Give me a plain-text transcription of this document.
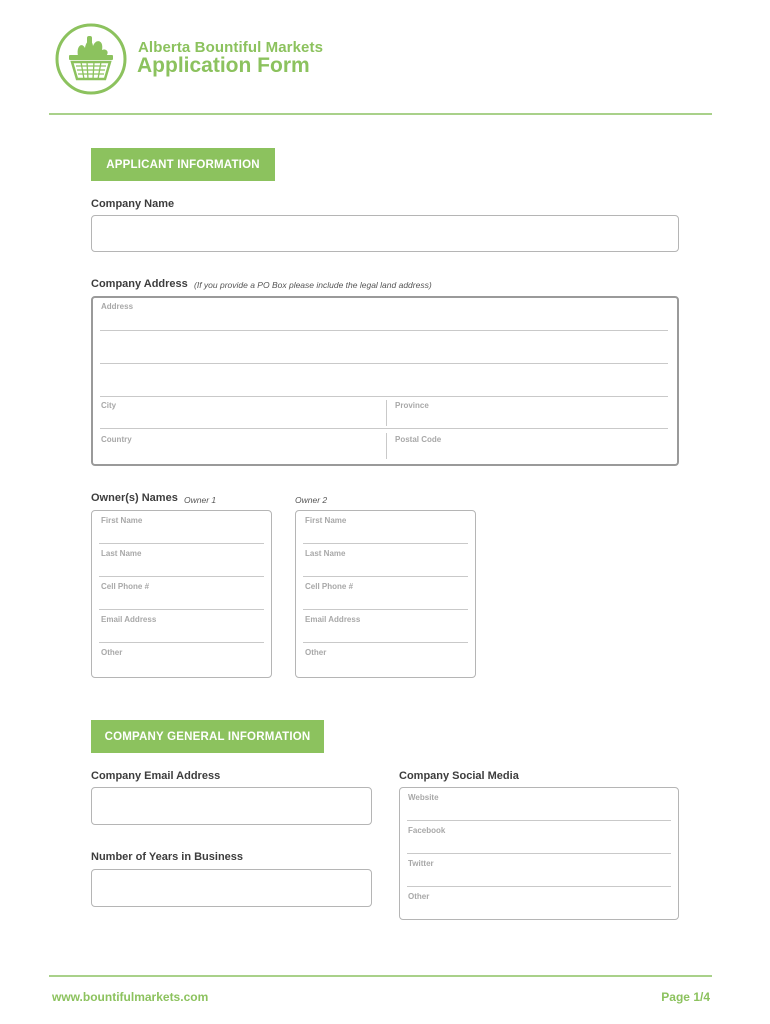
Alberta Bountiful Markets
Application Form
APPLICANT INFORMATION
Company Name
Company Address (If you provide a PO Box please include the legal land address)
Address
City	Province
Country	Postal Code
Owner(s) Names Owner 1	Owner 2
First Name
Last Name
Cell Phone #
Email Address
Other
First Name
Last Name
Cell Phone #
Email Address
Other
COMPANY GENERAL INFORMATION
Company Email Address
Number of Years in Business
Company Social Media
Website
Facebook
Twitter
Other
www.bountifulmarkets.com	Page 1/4
